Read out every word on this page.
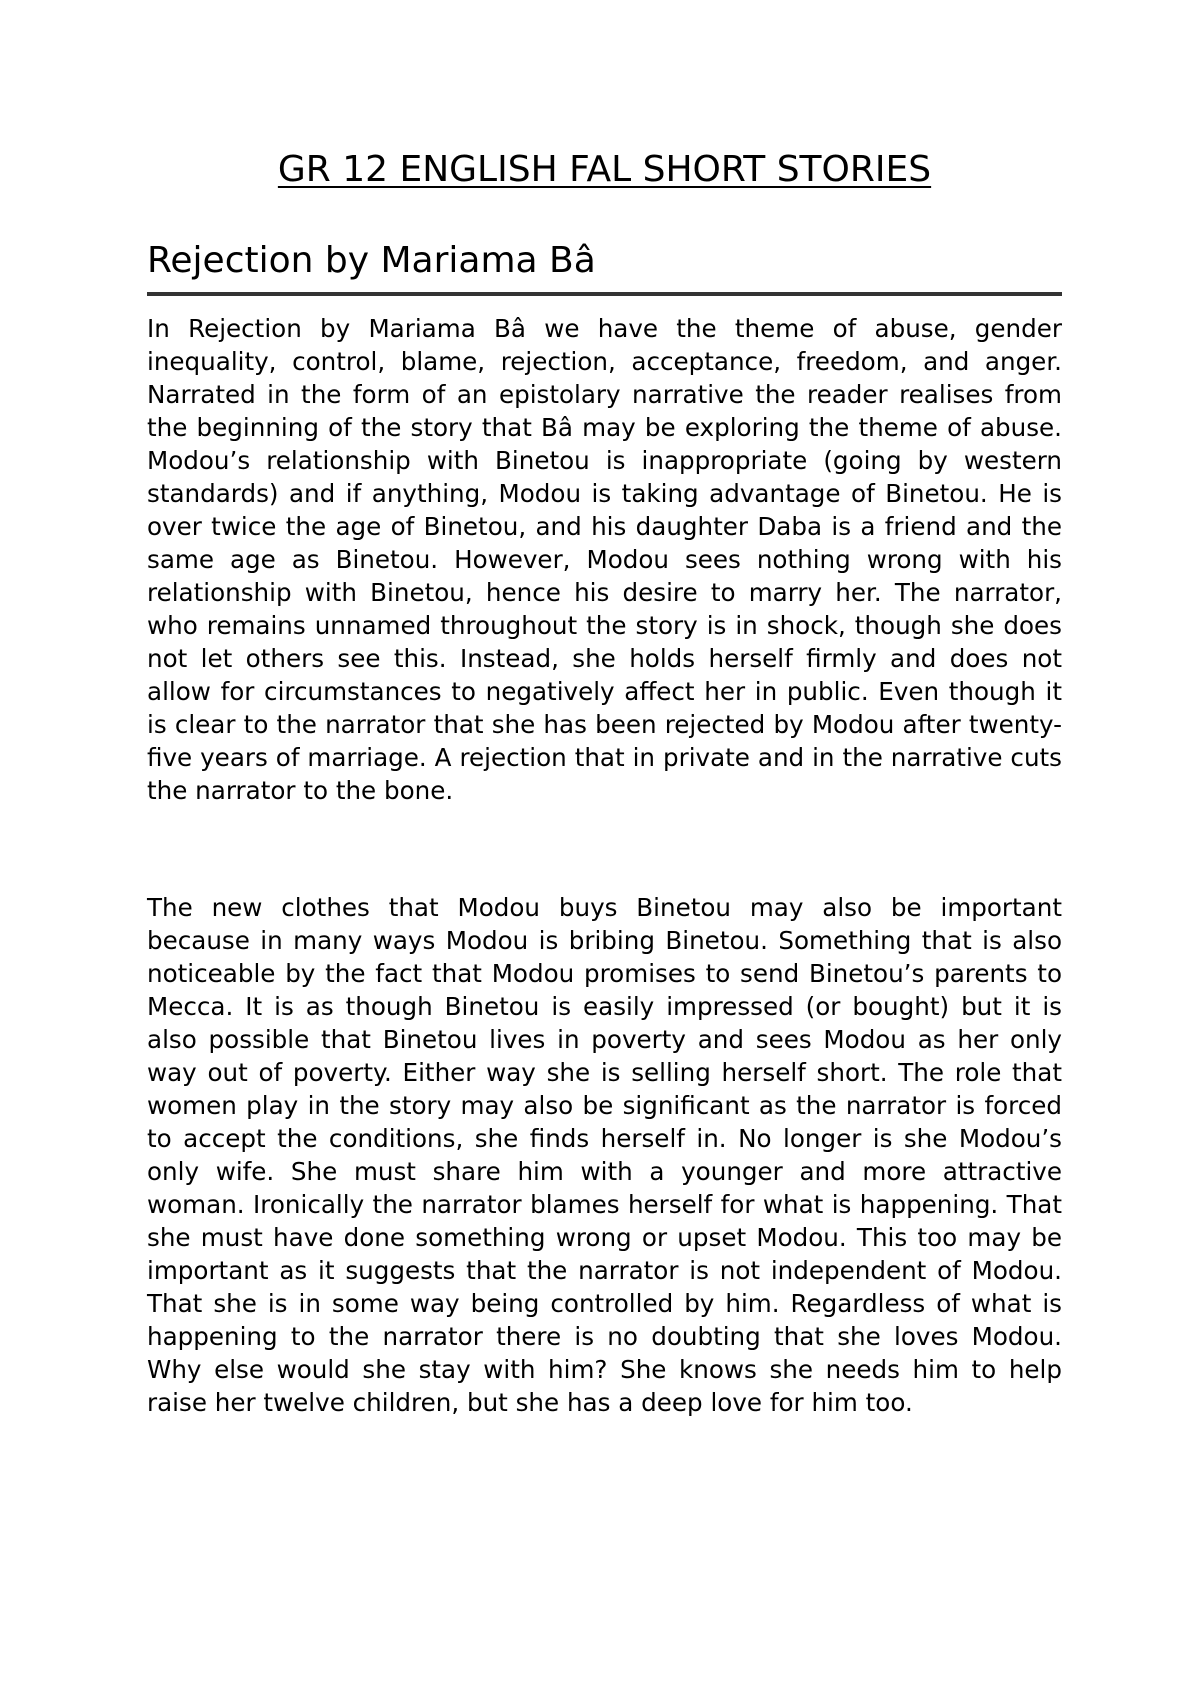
GR 12 ENGLISH FAL SHORT STORIES
Rejection by Mariama Bâ

In Rejection by Mariama Bâ we have the theme of abuse, gender inequality, control, blame, rejection, acceptance, freedom, and anger. Narrated in the form of an epistolary narrative the reader realises from the beginning of the story that Bâ may be exploring the theme of abuse. Modou’s relationship with Binetou is inappropriate (going by western standards) and if anything, Modou is taking advantage of Binetou. He is over twice the age of Binetou, and his daughter Daba is a friend and the same age as Binetou. However, Modou sees nothing wrong with his relationship with Binetou, hence his desire to marry her. The narrator, who remains unnamed throughout the story is in shock, though she does not let others see this. Instead, she holds herself firmly and does not allow for circumstances to negatively affect her in public. Even though it is clear to the narrator that she has been rejected by Modou after twenty-five years of marriage. A rejection that in private and in the narrative cuts the narrator to the bone.

The new clothes that Modou buys Binetou may also be important because in many ways Modou is bribing Binetou. Something that is also noticeable by the fact that Modou promises to send Binetou’s parents to Mecca. It is as though Binetou is easily impressed (or bought) but it is also possible that Binetou lives in poverty and sees Modou as her only way out of poverty. Either way she is selling herself short. The role that women play in the story may also be significant as the narrator is forced to accept the conditions, she finds herself in. No longer is she Modou’s only wife. She must share him with a younger and more attractive woman. Ironically the narrator blames herself for what is happening. That she must have done something wrong or upset Modou. This too may be important as it suggests that the narrator is not independent of Modou. That she is in some way being controlled by him. Regardless of what is happening to the narrator there is no doubting that she loves Modou. Why else would she stay with him? She knows she needs him to help raise her twelve children, but she has a deep love for him too.
